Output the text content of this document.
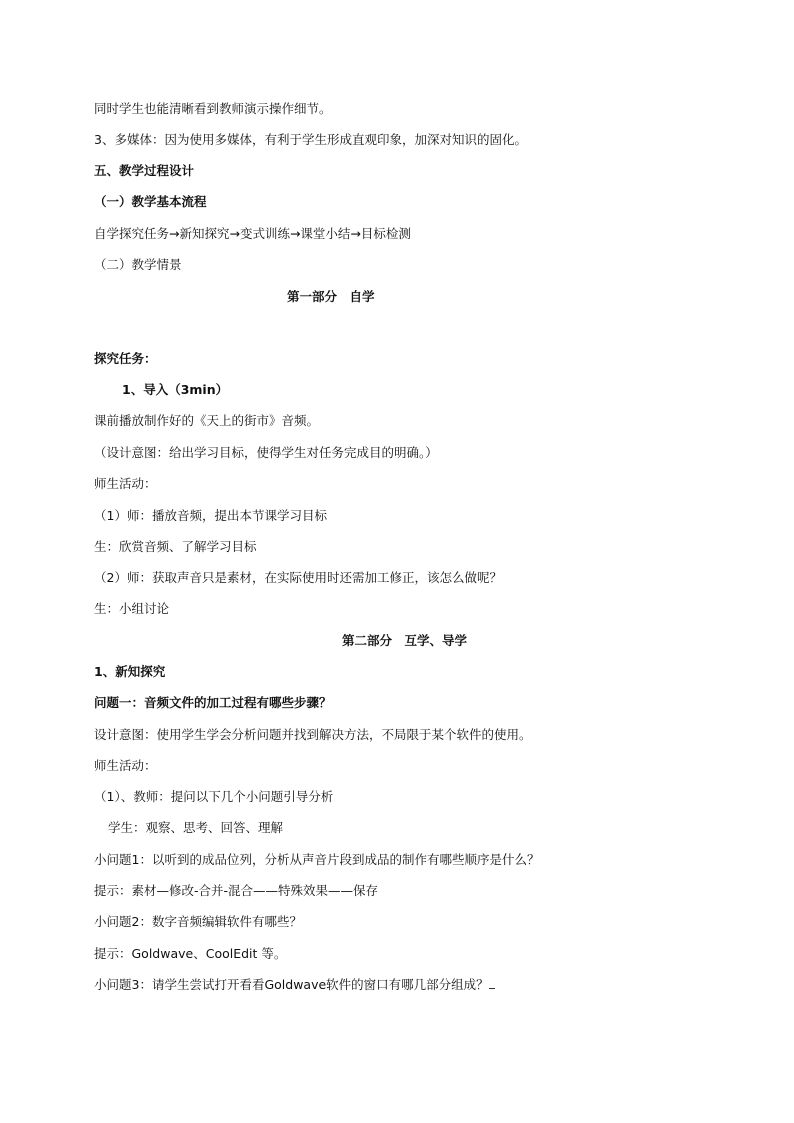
同时学生也能清晰看到教师演示操作细节。
3、多媒体：因为使用多媒体，有利于学生形成直观印象，加深对知识的固化。
五、教学过程设计
（一）教学基本流程
自学探究任务→新知探究→变式训练→课堂小结→目标检测
（二）教学情景
第一部分　自学
探究任务：
1、导入（3min）
课前播放制作好的《天上的街市》音频。
（设计意图：给出学习目标，使得学生对任务完成目的明确。）
师生活动：
（1）师：播放音频，提出本节课学习目标
生：欣赏音频、了解学习目标
（2）师：获取声音只是素材，在实际使用时还需加工修正，该怎么做呢？
生：小组讨论
第二部分　互学、导学
1、新知探究
问题一：音频文件的加工过程有哪些步骤？
设计意图：使用学生学会分析问题并找到解决方法，不局限于某个软件的使用。
师生活动：
（1）、教师：提问以下几个小问题引导分析
学生：观察、思考、回答、理解
小问题1：以听到的成品位列，分析从声音片段到成品的制作有哪些顺序是什么？
提示：素材—修改-合并-混合——特殊效果——保存
小问题2：数字音频编辑软件有哪些？
提示：Goldwave、CoolEdit 等。
小问题3：请学生尝试打开看看Goldwave软件的窗口有哪几部分组成？
